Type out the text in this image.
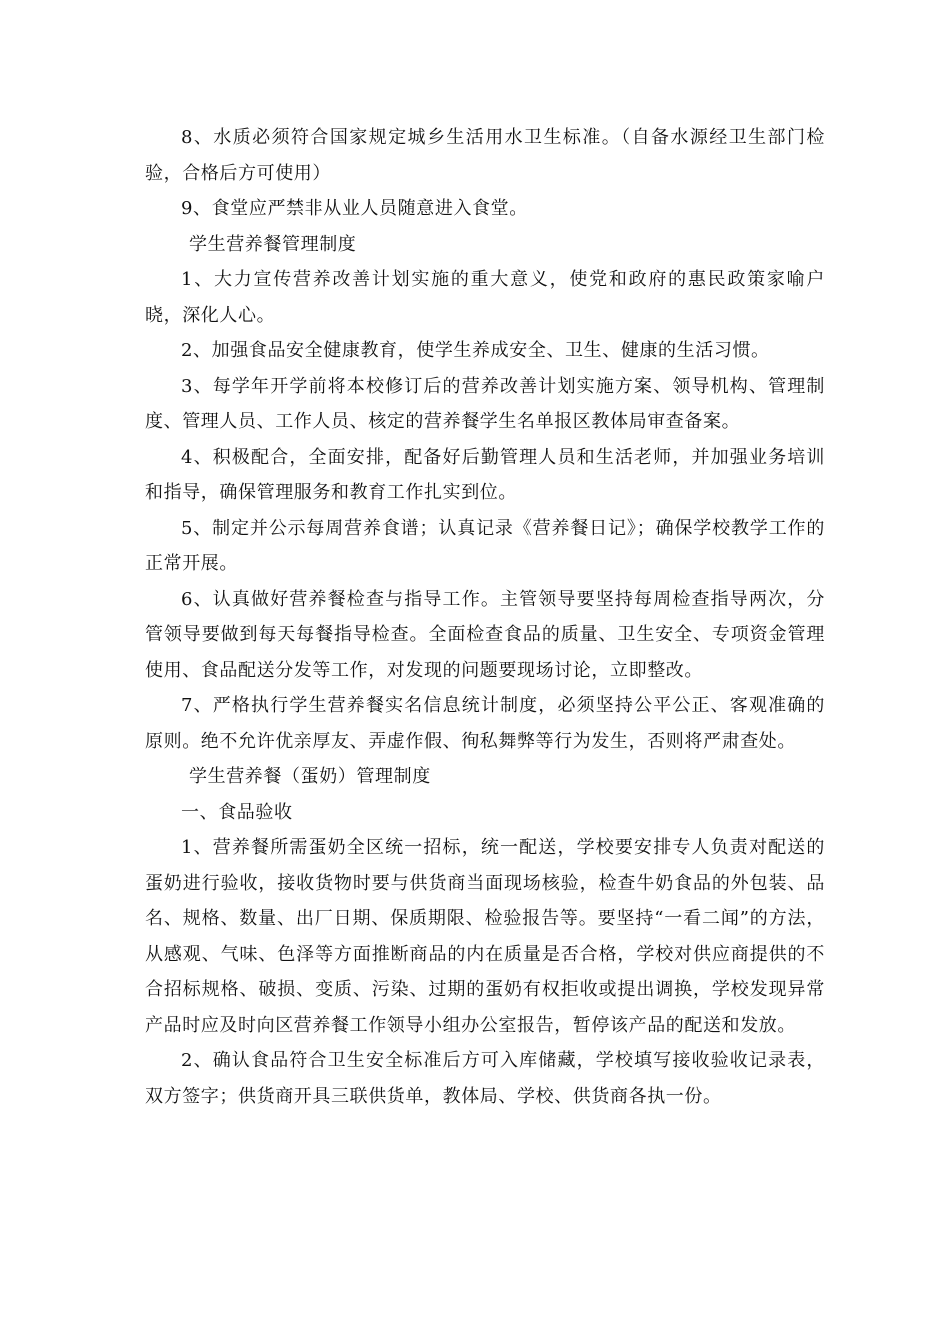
8、水质必须符合国家规定城乡生活用水卫生标准。（自备水源经卫生部门检验，合格后方可使用）

9、食堂应严禁非从业人员随意进入食堂。

学生营养餐管理制度

1、大力宣传营养改善计划实施的重大意义，使党和政府的惠民政策家喻户晓，深化人心。

2、加强食品安全健康教育，使学生养成安全、卫生、健康的生活习惯。

3、每学年开学前将本校修订后的营养改善计划实施方案、领导机构、管理制度、管理人员、工作人员、核定的营养餐学生名单报区教体局审查备案。

4、积极配合，全面安排，配备好后勤管理人员和生活老师，并加强业务培训和指导，确保管理服务和教育工作扎实到位。

5、制定并公示每周营养食谱；认真记录《营养餐日记》；确保学校教学工作的正常开展。

6、认真做好营养餐检查与指导工作。主管领导要坚持每周检查指导两次，分管领导要做到每天每餐指导检查。全面检查食品的质量、卫生安全、专项资金管理使用、食品配送分发等工作，对发现的问题要现场讨论，立即整改。

7、严格执行学生营养餐实名信息统计制度，必须坚持公平公正、客观准确的原则。绝不允许优亲厚友、弄虚作假、徇私舞弊等行为发生，否则将严肃查处。

学生营养餐（蛋奶）管理制度

一、食品验收

1、营养餐所需蛋奶全区统一招标，统一配送，学校要安排专人负责对配送的蛋奶进行验收，接收货物时要与供货商当面现场核验，检查牛奶食品的外包装、品名、规格、数量、出厂日期、保质期限、检验报告等。要坚持“一看二闻”的方法，从感观、气味、色泽等方面推断商品的内在质量是否合格，学校对供应商提供的不合招标规格、破损、变质、污染、过期的蛋奶有权拒收或提出调换，学校发现异常产品时应及时向区营养餐工作领导小组办公室报告，暂停该产品的配送和发放。

2、确认食品符合卫生安全标准后方可入库储藏，学校填写接收验收记录表，双方签字；供货商开具三联供货单，教体局、学校、供货商各执一份。
